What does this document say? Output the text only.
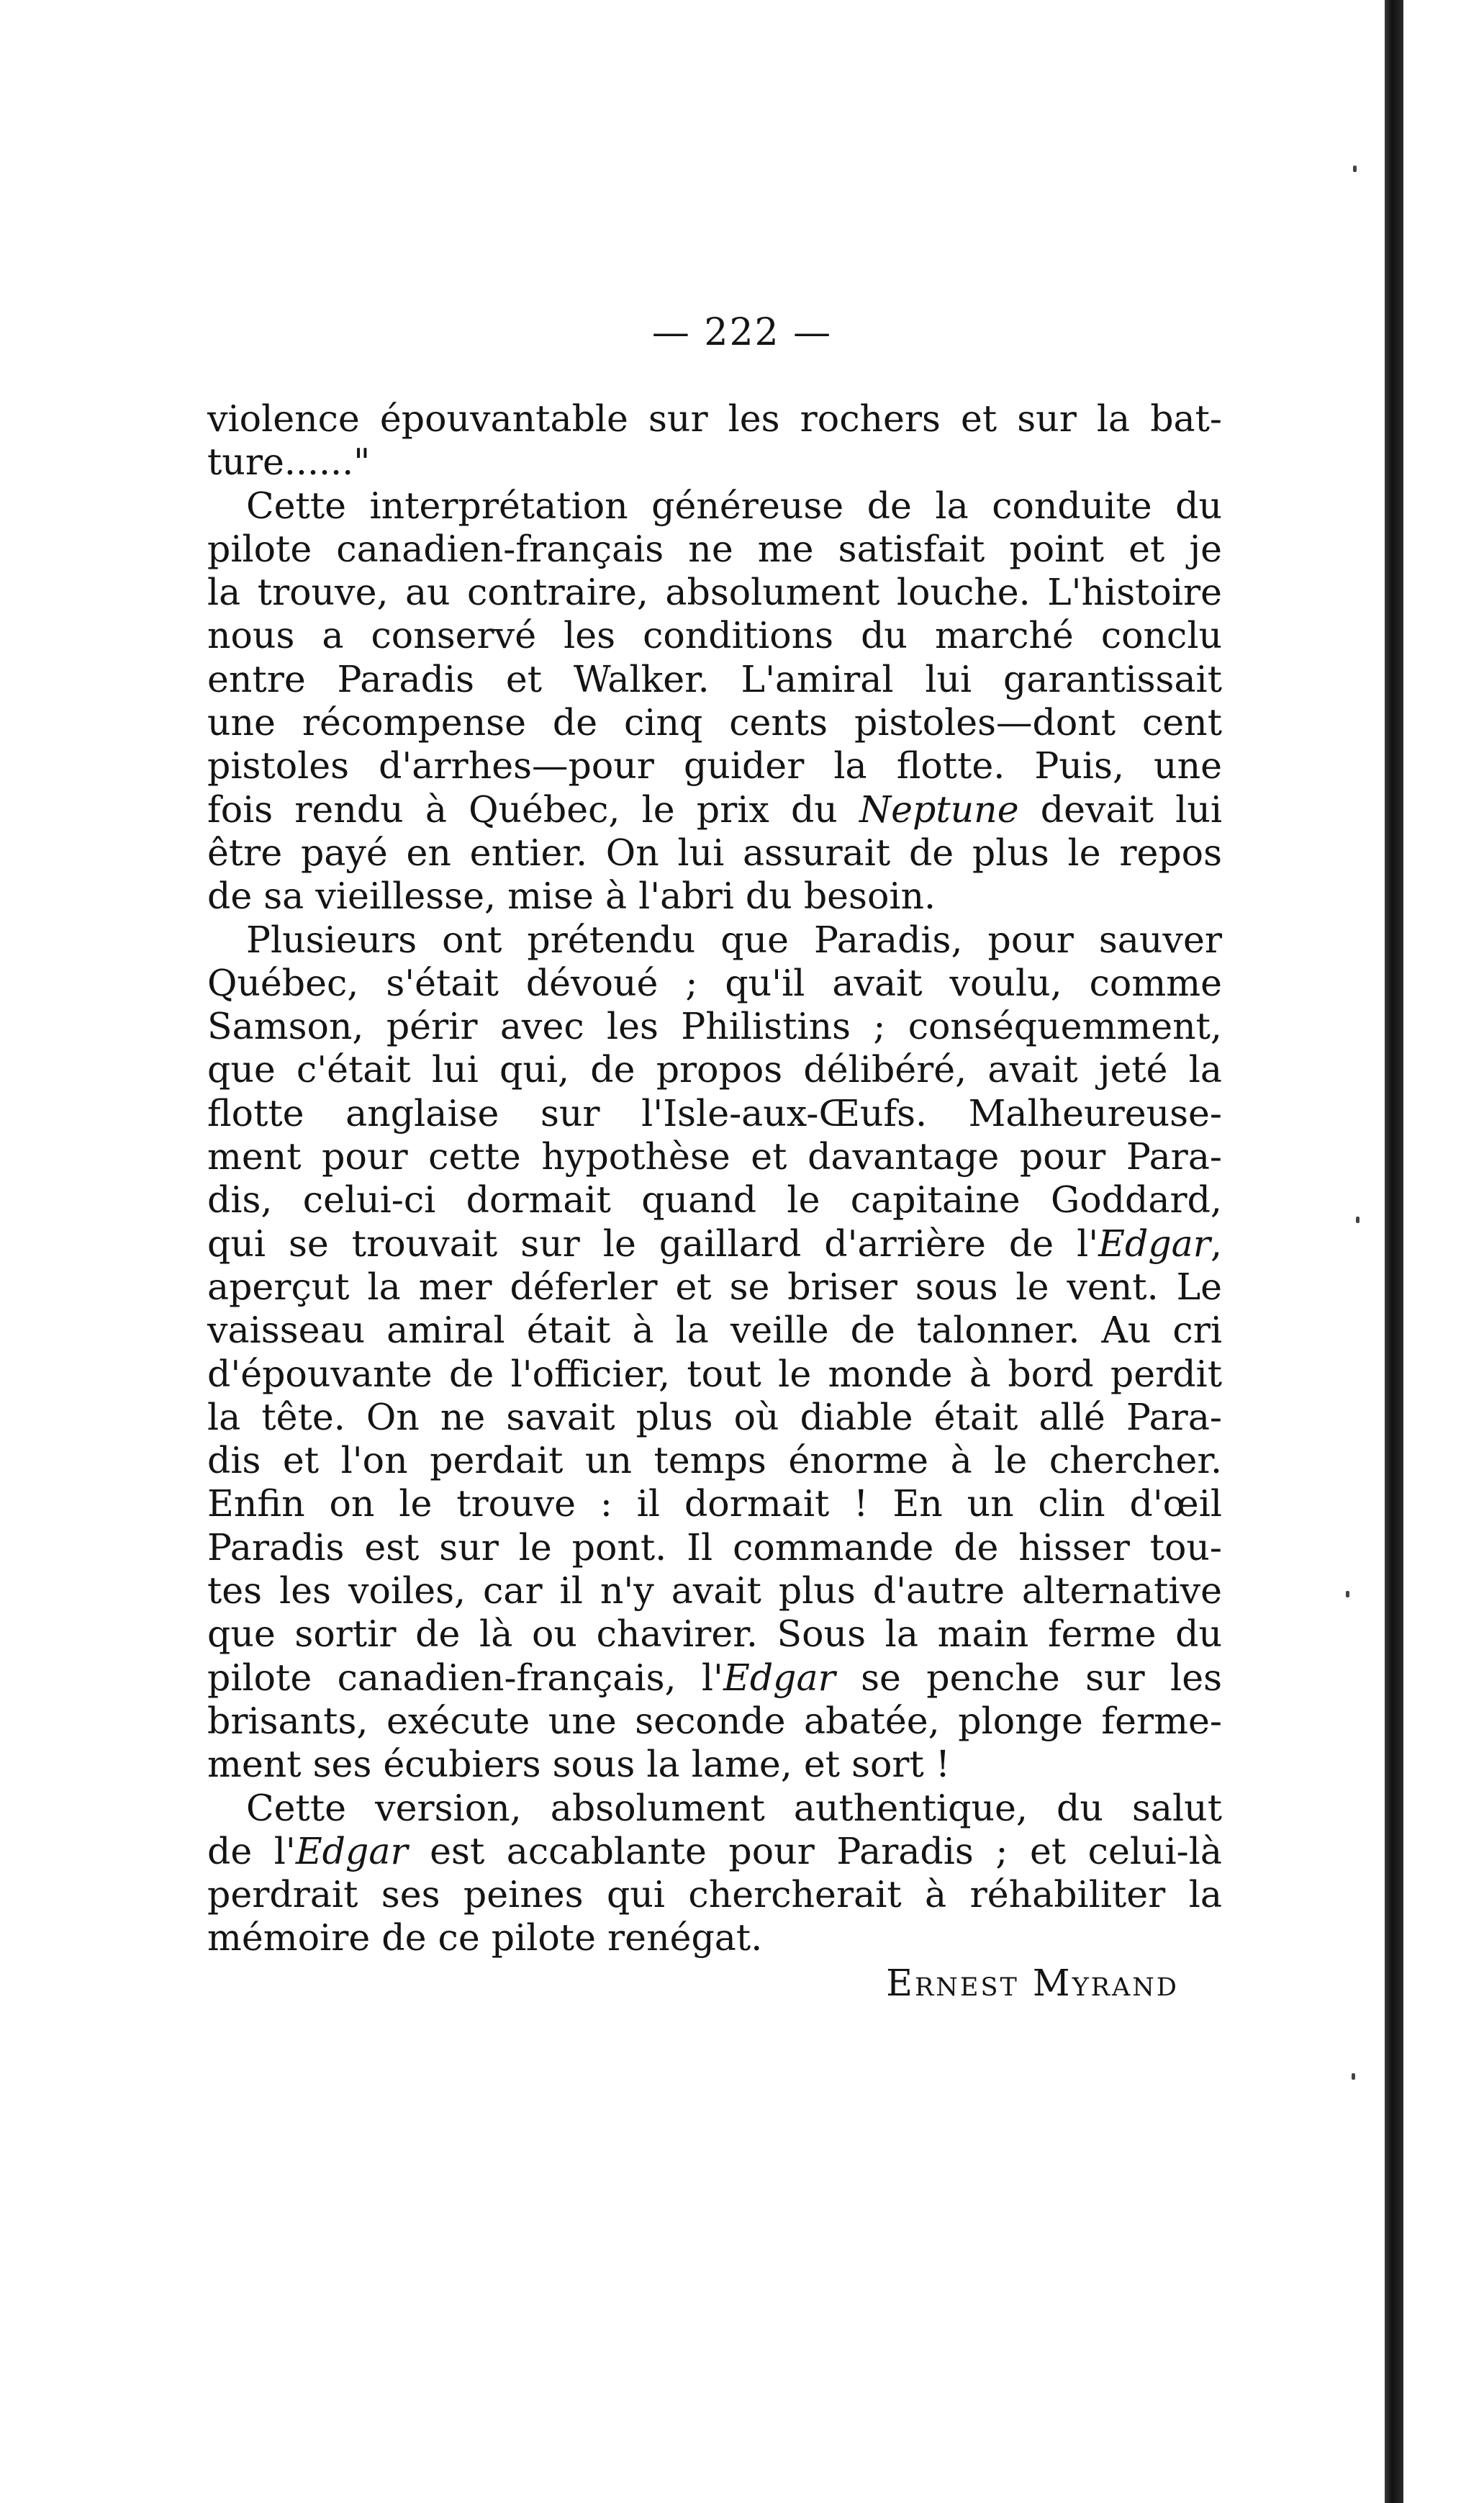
— 222 —
violence épouvantable sur les rochers et sur la bat-
ture......"
Cette interprétation généreuse de la conduite du
pilote canadien-français ne me satisfait point et je
la trouve, au contraire, absolument louche. L'histoire
nous a conservé les conditions du marché conclu
entre Paradis et Walker. L'amiral lui garantissait
une récompense de cinq cents pistoles—dont cent
pistoles d'arrhes—pour guider la flotte. Puis, une
fois rendu à Québec, le prix du Neptune devait lui
être payé en entier. On lui assurait de plus le repos
de sa vieillesse, mise à l'abri du besoin.
Plusieurs ont prétendu que Paradis, pour sauver
Québec, s'était dévoué ; qu'il avait voulu, comme
Samson, périr avec les Philistins ; conséquemment,
que c'était lui qui, de propos délibéré, avait jeté la
flotte anglaise sur l'Isle-aux-Œufs. Malheureuse-
ment pour cette hypothèse et davantage pour Para-
dis, celui-ci dormait quand le capitaine Goddard,
qui se trouvait sur le gaillard d'arrière de l'Edgar,
aperçut la mer déferler et se briser sous le vent. Le
vaisseau amiral était à la veille de talonner. Au cri
d'épouvante de l'officier, tout le monde à bord perdit
la tête. On ne savait plus où diable était allé Para-
dis et l'on perdait un temps énorme à le chercher.
Enfin on le trouve : il dormait ! En un clin d'œil
Paradis est sur le pont. Il commande de hisser tou-
tes les voiles, car il n'y avait plus d'autre alternative
que sortir de là ou chavirer. Sous la main ferme du
pilote canadien-français, l'Edgar se penche sur les
brisants, exécute une seconde abatée, plonge ferme-
ment ses écubiers sous la lame, et sort !
Cette version, absolument authentique, du salut
de l'Edgar est accablante pour Paradis ; et celui-là
perdrait ses peines qui chercherait à réhabiliter la
mémoire de ce pilote renégat.
Ernest Myrand
